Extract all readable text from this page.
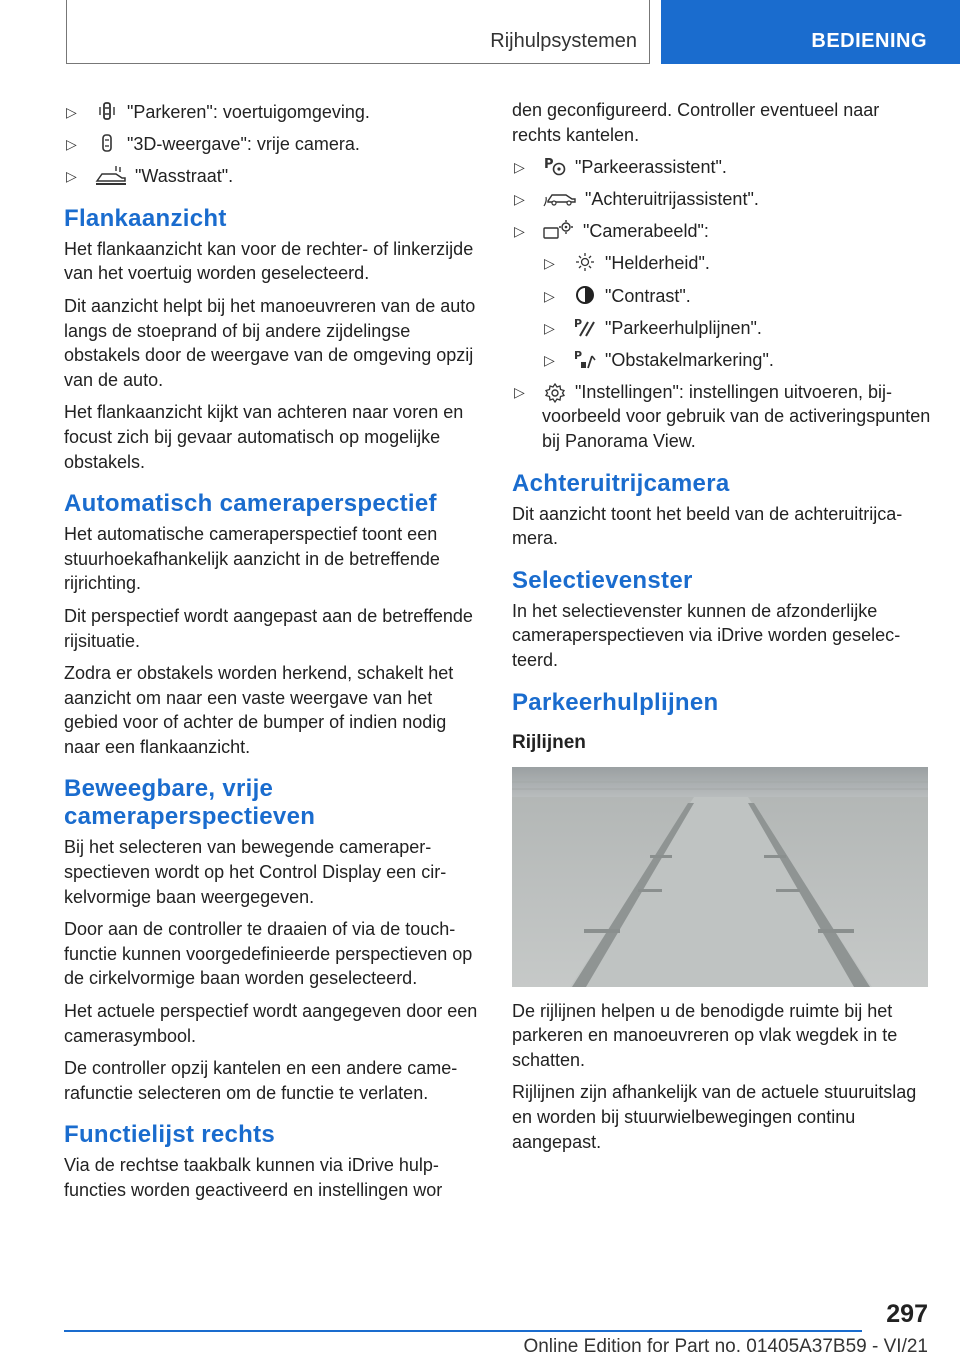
Rijhulpsystemen	BEDIENING
▷	"Parkeren": voertuigomgeving.
▷	"3D-weergave": vrije camera.
▷	"Wasstraat".
Flankaanzicht

Het flankaanzicht kan voor de rechter- of linkerzijde van het voertuig worden geselecteerd.

Dit aanzicht helpt bij het manoeuvreren van de auto langs de stoeprand of bij andere zijdelingse obstakels door de weergave van de omgeving opzij van de auto.

Het flankaanzicht kijkt van achteren naar voren en focust zich bij gevaar automatisch op mogelijke obstakels.

Automatisch cameraperspectief

Het automatische cameraperspectief toont een stuurhoekafhankelijk aanzicht in de betreffende rijrichting.

Dit perspectief wordt aangepast aan de betreffende rijsituatie.

Zodra er obstakels worden herkend, schakelt het aanzicht om naar een vaste weergave van het gebied voor of achter de bumper of indien nodig naar een flankaanzicht.

Beweegbare, vrije cameraperspectieven

Bij het selecteren van bewegende cameraperspectieven wordt op het Control Display een cirkelvormige baan weergegeven.

Door aan de controller te draaien of via de touchfunctie kunnen voorgedefinieerde perspectieven op de cirkelvormige baan worden geselecteerd.

Het actuele perspectief wordt aangegeven door een camerasymbool.

De controller opzij kantelen en een andere camerafunctie selecteren om de functie te verlaten.

Functielijst rechts

Via de rechtse taakbalk kunnen via iDrive hulpfuncties worden geactiveerd en instellingen wor

den geconfigureerd. Controller eventueel naar rechts kantelen.

▷ P "Parkeerassistent".
▷	"Achteruitrijassistent".
▷	"Camerabeeld":
▷	"Helderheid".
▷	"Contrast".
▷ P "Parkeerhulplijnen".
▷ P "Obstakelmarkering".
▷	"Instellingen": instellingen uitvoeren, bijvoorbeeld voor gebruik van de activeringspunten bij Panorama View.
Achteruitrijcamera

Dit aanzicht toont het beeld van de achteruitrijcamera.

Selectievenster

In het selectievenster kunnen de afzonderlijke cameraperspectieven via iDrive worden geselecteerd.

Parkeerhulplijnen
Rijlijnen

De rijlijnen helpen u de benodigde ruimte bij het parkeren en manoeuvreren op vlak wegdek in te schatten.

Rijlijnen zijn afhankelijk van de actuele stuuruitslag en worden bij stuurwielbewegingen continu aangepast.

297
Online Edition for Part no. 01405A37B59 - VI/21
